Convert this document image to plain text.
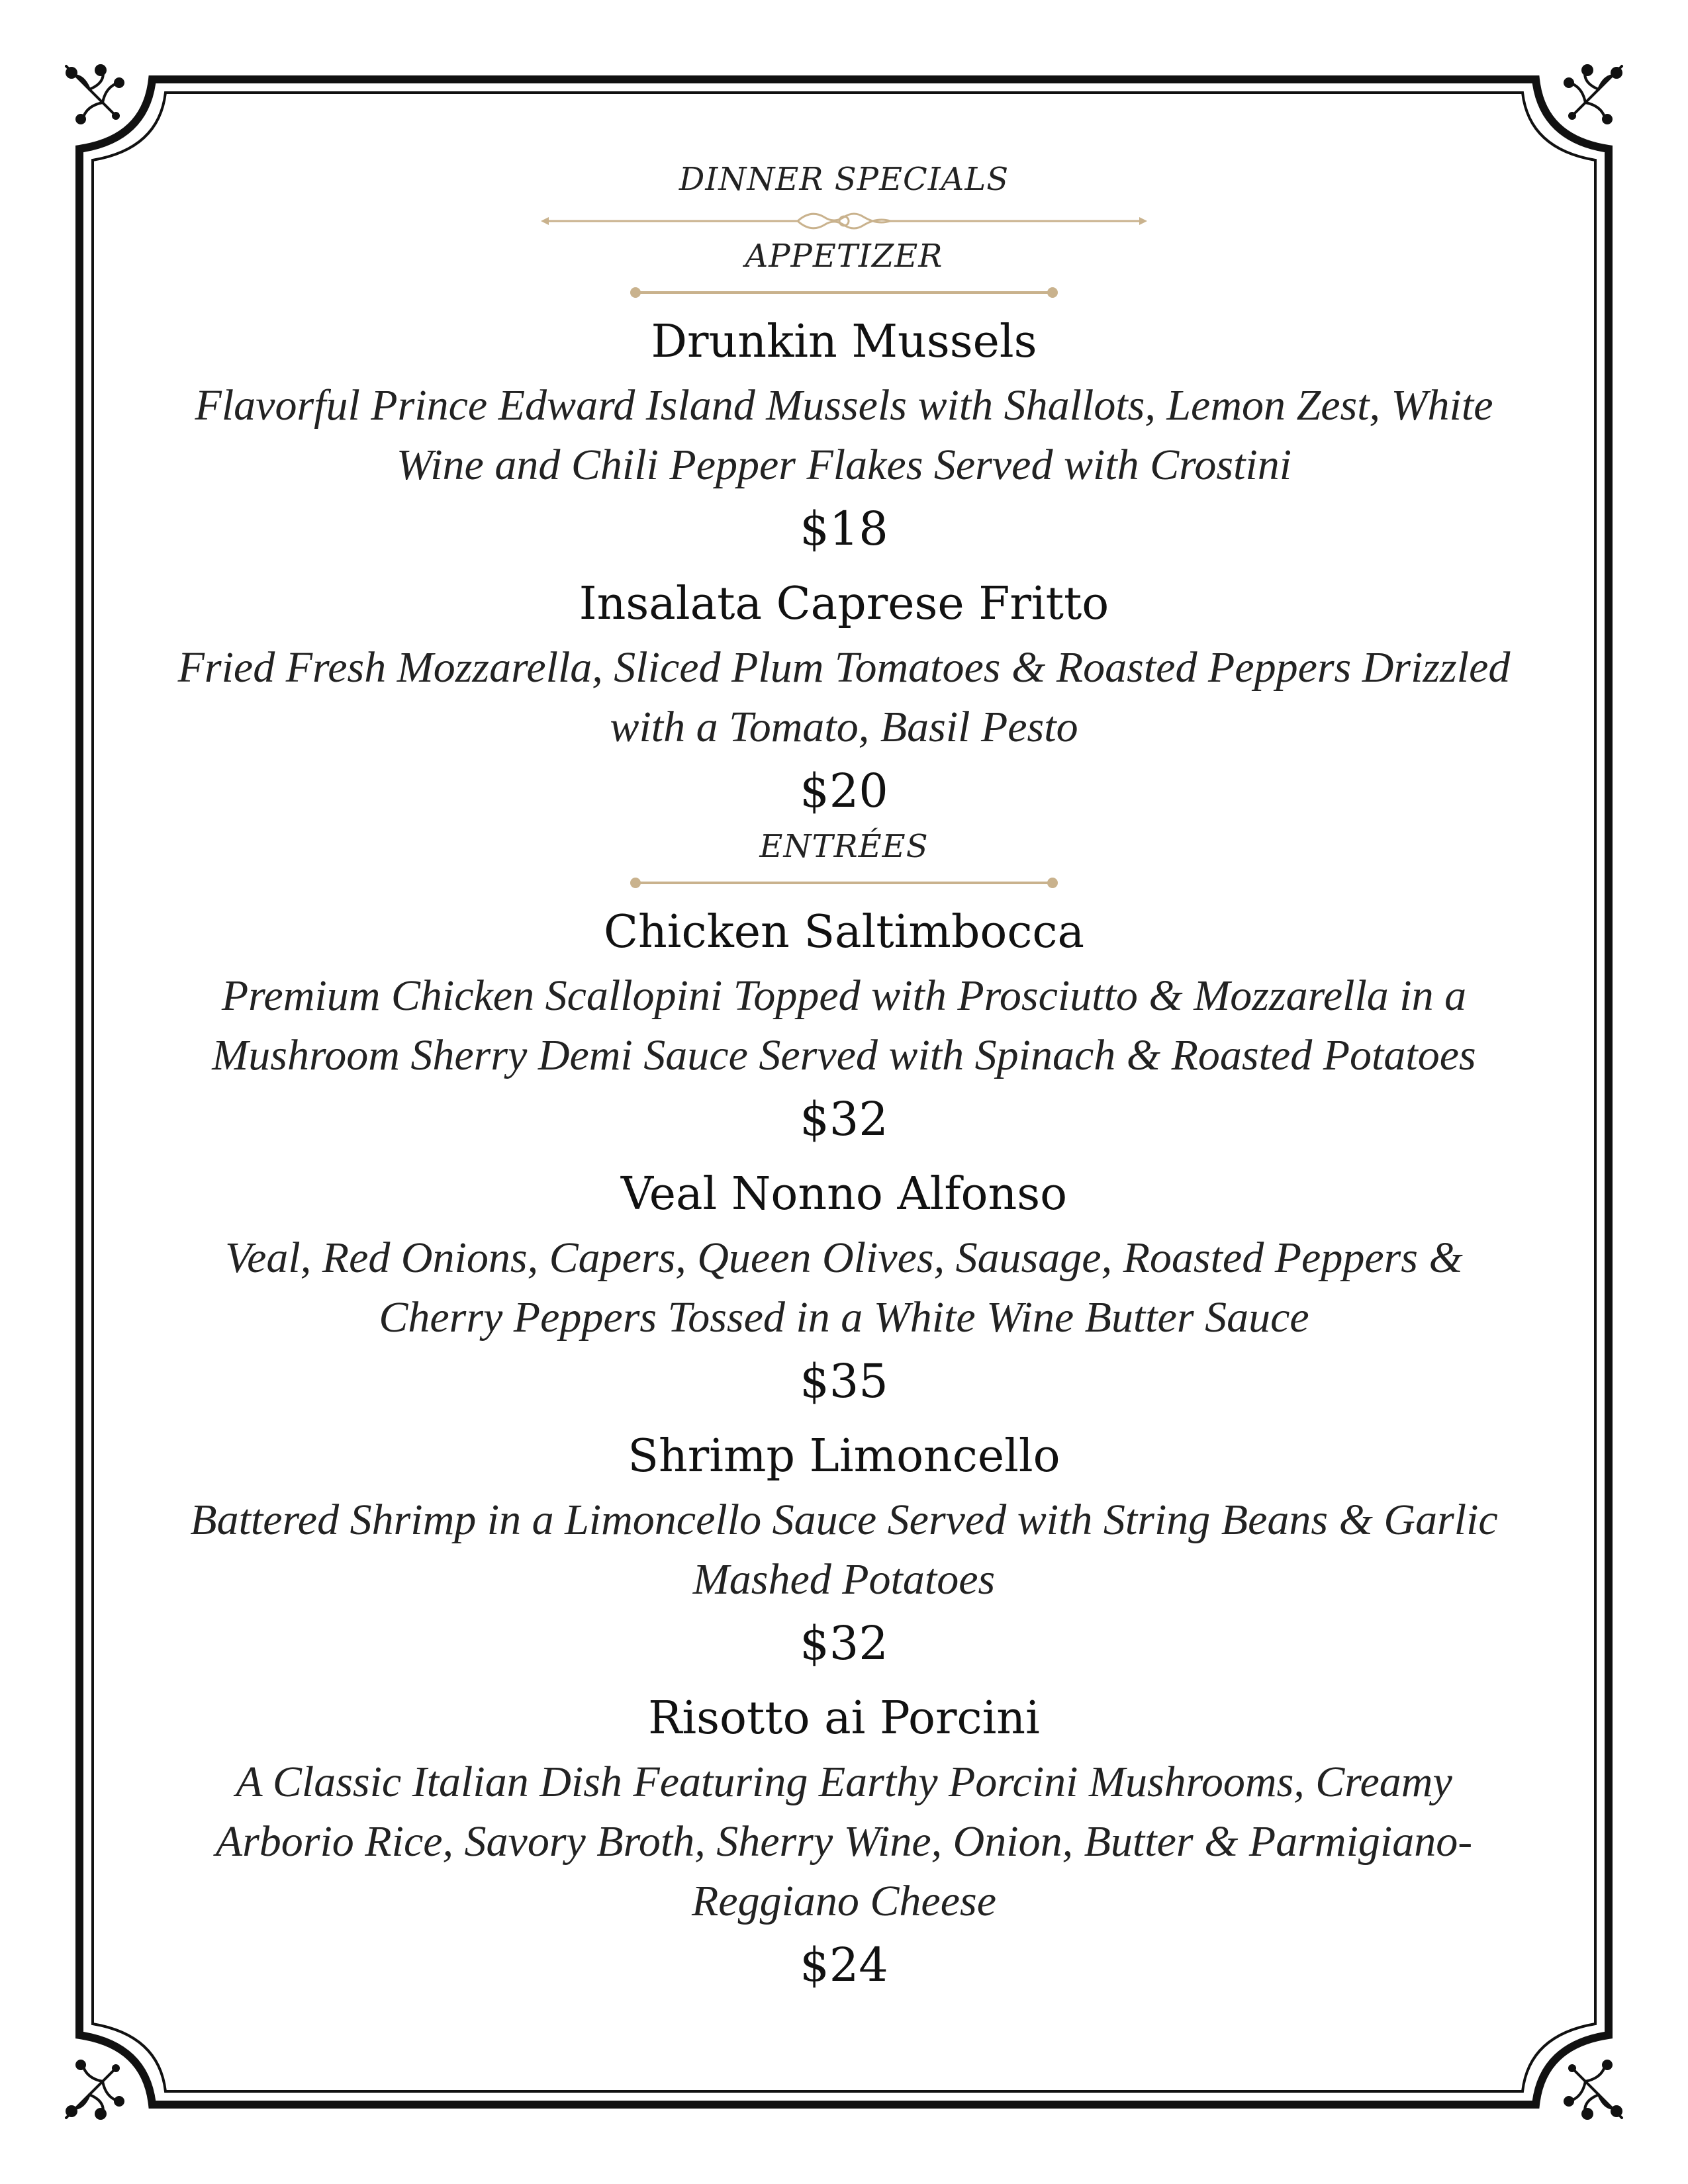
DINNER SPECIALS
APPETIZER
Drunkin Mussels
Flavorful Prince Edward Island Mussels with Shallots, Lemon Zest, White Wine and Chili Pepper Flakes Served with Crostini
$18
Insalata Caprese Fritto
Fried Fresh Mozzarella, Sliced Plum Tomatoes & Roasted Peppers Drizzled with a Tomato, Basil Pesto
$20
ENTRÉES
Chicken Saltimbocca
Premium Chicken Scallopini Topped with Prosciutto & Mozzarella in a Mushroom Sherry Demi Sauce Served with Spinach & Roasted Potatoes
$32
Veal Nonno Alfonso
Veal, Red Onions, Capers, Queen Olives, Sausage, Roasted Peppers & Cherry Peppers Tossed in a White Wine Butter Sauce
$35
Shrimp Limoncello
Battered Shrimp in a Limoncello Sauce Served with String Beans & Garlic Mashed Potatoes
$32
Risotto ai Porcini
A Classic Italian Dish Featuring Earthy Porcini Mushrooms, Creamy Arborio Rice, Savory Broth, Sherry Wine, Onion, Butter & Parmigiano-Reggiano Cheese
$24
